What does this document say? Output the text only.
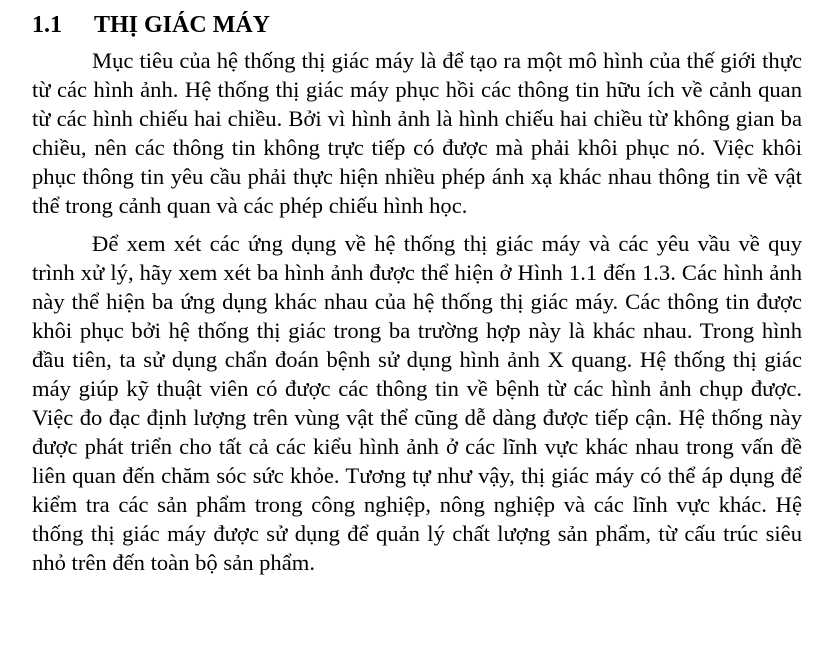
1.1 THỊ GIÁC MÁY

Mục tiêu của hệ thống thị giác máy là để tạo ra một mô hình của thế giới thực từ các hình ảnh. Hệ thống thị giác máy phục hồi các thông tin hữu ích về cảnh quan từ các hình chiếu hai chiều. Bởi vì hình ảnh là hình chiếu hai chiều từ không gian ba chiều, nên các thông tin không trực tiếp có được mà phải khôi phục nó. Việc khôi phục thông tin yêu cầu phải thực hiện nhiều phép ánh xạ khác nhau thông tin về vật thể trong cảnh quan và các phép chiếu hình học.

Để xem xét các ứng dụng về hệ thống thị giác máy và các yêu vầu về quy trình xử lý, hãy xem xét ba hình ảnh được thể hiện ở Hình 1.1 đến 1.3. Các hình ảnh này thể hiện ba ứng dụng khác nhau của hệ thống thị giác máy. Các thông tin được khôi phục bởi hệ thống thị giác trong ba trường hợp này là khác nhau. Trong hình đầu tiên, ta sử dụng chẩn đoán bệnh sử dụng hình ảnh X quang. Hệ thống thị giác máy giúp kỹ thuật viên có được các thông tin về bệnh từ các hình ảnh chụp được. Việc đo đạc định lượng trên vùng vật thể cũng dễ dàng được tiếp cận. Hệ thống này được phát triển cho tất cả các kiểu hình ảnh ở các lĩnh vực khác nhau trong vấn đề liên quan đến chăm sóc sức khỏe. Tương tự như vậy, thị giác máy có thể áp dụng để kiểm tra các sản phẩm trong công nghiệp, nông nghiệp và các lĩnh vực khác. Hệ thống thị giác máy được sử dụng để quản lý chất lượng sản phẩm, từ cấu trúc siêu nhỏ trên đến toàn bộ sản phẩm.
